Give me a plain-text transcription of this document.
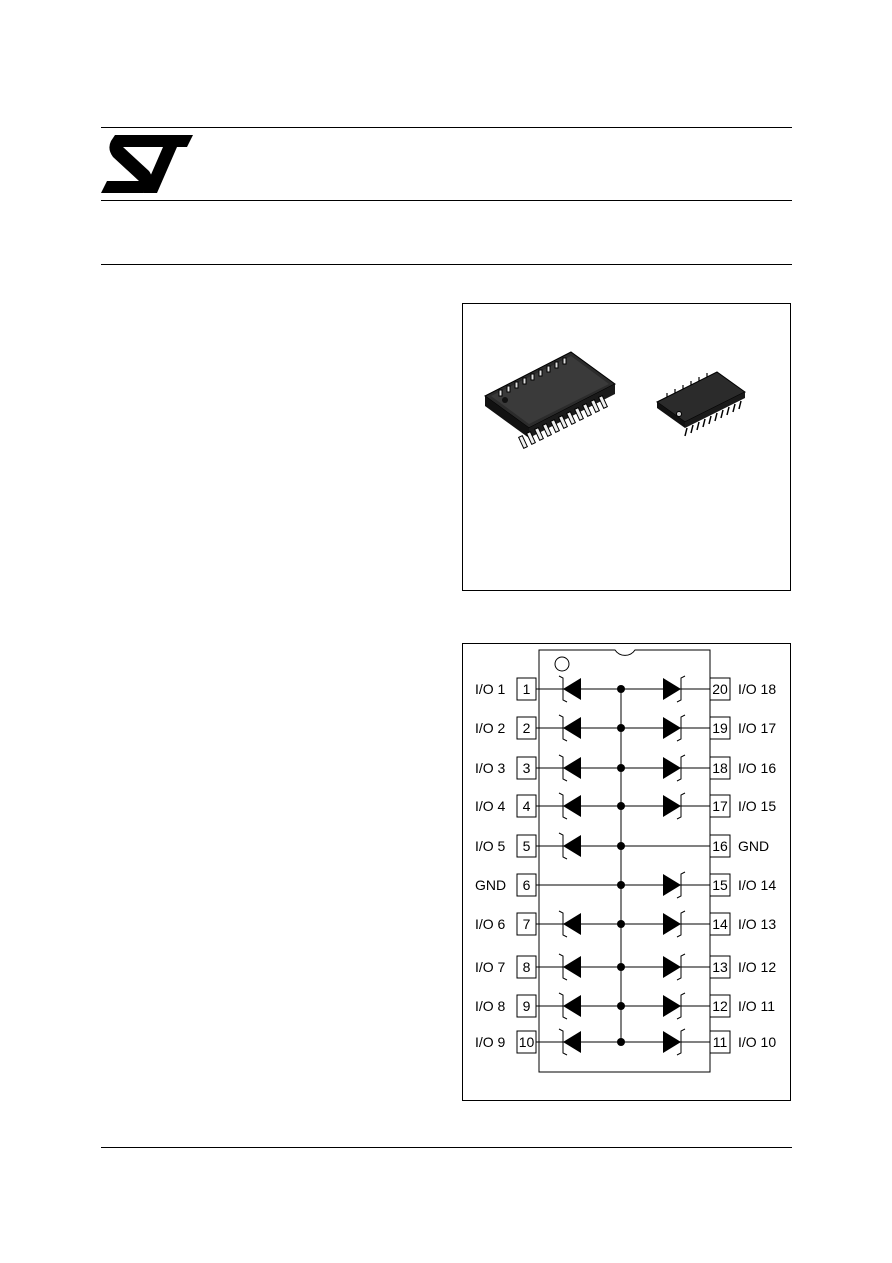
I/O 1 1
I/O 2 2
I/O 3 3
I/O 4 4
I/O 5 5
GND 6
I/O 6 7
I/O 7 8
I/O 8 9
I/O 9 10
20 I/O 18
19 I/O 17
18 I/O 16
17 I/O 15
16 GND
15 I/O 14
14 I/O 13
13 I/O 12
12 I/O 11
11 I/O 10
